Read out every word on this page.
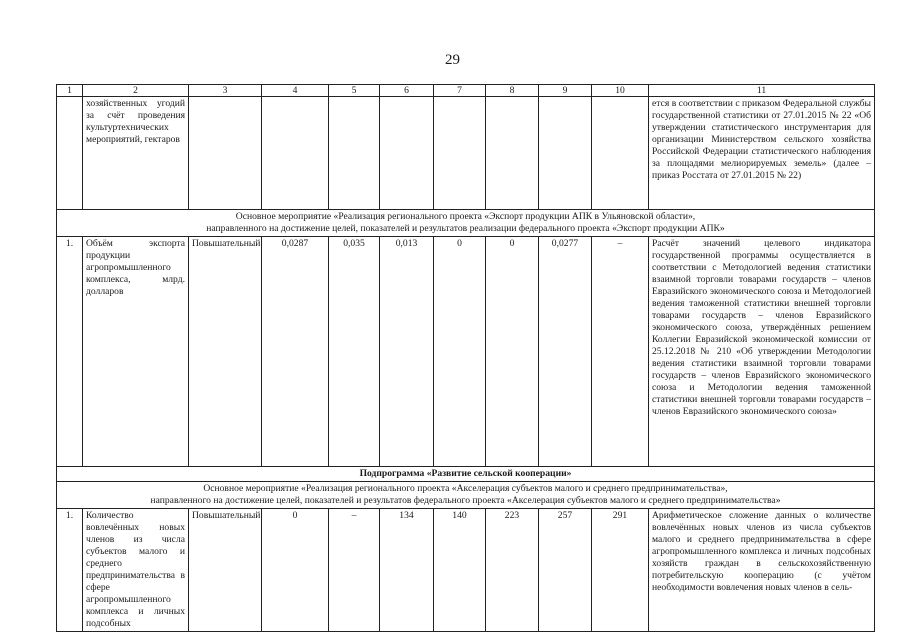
29
1	2	3	4	5	6	7	8	9	10	11
	хозяйственных угодий за счёт проведения культуртехнических мероприятий, гектаров									ется в соответствии с приказом Федеральной службы государственной статистики от 27.01.2015 № 22 «Об утверждении статистического инструментария для организации Министерством сельского хозяйства Российской Федерации статистического наблюдения за площадями мелиорируемых земель» (далее – приказ Росстата от 27.01.2015 № 22)

Основное мероприятие «Реализация регионального проекта «Экспорт продукции АПК в Ульяновской области»,
направленного на достижение целей, показателей и результатов реализации федерального проекта «Экспорт продукции АПК»										

1.	Объём экспорта продукции агропромышленного комплекса, млрд. долларов	Повышательный	0,0287	0,035	0,013	0	0	0,0277	–	Расчёт значений целевого индикатора государственной программы осуществляется в соответствии с Методологией ведения статистики взаимной торговли товарами государств – членов Евразийского экономического союза и Методологией ведения таможенной статистики внешней торговли товарами государств – членов Евразийского экономического союза, утверждённых решением Коллегии Евразийской экономической комиссии от 25.12.2018 № 210 «Об утверждении Методологии ведения статистики взаимной торговли товарами государств – членов Евразийского экономического союза и Методологии ведения таможенной статистики внешней торговли товарами государств – членов Евразийского экономического союза»
Подпрограмма «Развитие сельской кооперации»										

Основное мероприятие «Реализация регионального проекта «Акселерация субъектов малого и среднего предпринимательства»,
направленного на достижение целей, показателей и результатов федерального проекта «Акселерация субъектов малого и среднего предпринимательства»										

1.	Количество вовлечённых новых членов из числа субъектов малого и среднего предпринимательства в сфере агропромышленного комплекса и личных подсобных	Повышательный	0	–	134	140	223	257	291	Арифметическое сложение данных о количестве вовлечённых новых членов из числа субъектов малого и среднего предпринимательства в сфере агропромышленного комплекса и личных подсобных хозяйств граждан в сельскохозяйственную потребительскую кооперацию (с учётом необходимости вовлечения новых членов в сель-
